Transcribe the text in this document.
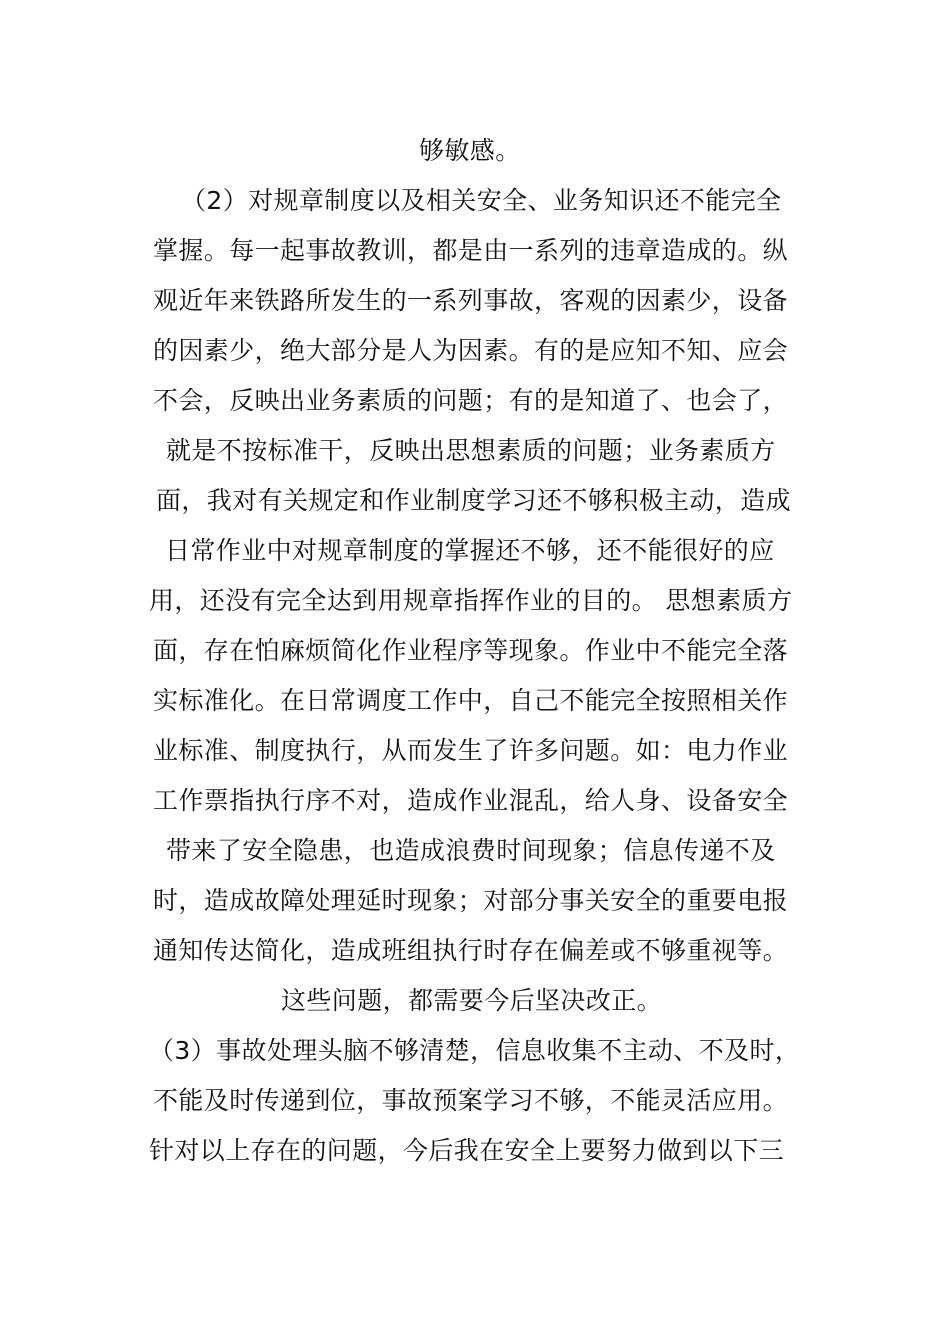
够敏感。
（2）对规章制度以及相关安全、业务知识还不能完全
掌握。每一起事故教训，都是由一系列的违章造成的。纵
观近年来铁路所发生的一系列事故，客观的因素少，设备
的因素少，绝大部分是人为因素。有的是应知不知、应会
不会，反映出业务素质的问题；有的是知道了、也会了，
就是不按标准干，反映出思想素质的问题；业务素质方
面，我对有关规定和作业制度学习还不够积极主动，造成
日常作业中对规章制度的掌握还不够，还不能很好的应
用，还没有完全达到用规章指挥作业的目的。 思想素质方
面，存在怕麻烦简化作业程序等现象。作业中不能完全落
实标准化。在日常调度工作中，自己不能完全按照相关作
业标准、制度执行，从而发生了许多问题。如：电力作业
工作票指执行序不对，造成作业混乱，给人身、设备安全
带来了安全隐患，也造成浪费时间现象；信息传递不及
时，造成故障处理延时现象；对部分事关安全的重要电报
通知传达简化，造成班组执行时存在偏差或不够重视等。
这些问题，都需要今后坚决改正。
（3）事故处理头脑不够清楚，信息收集不主动、不及时，
不能及时传递到位，事故预案学习不够，不能灵活应用。
针对以上存在的问题，今后我在安全上要努力做到以下三
